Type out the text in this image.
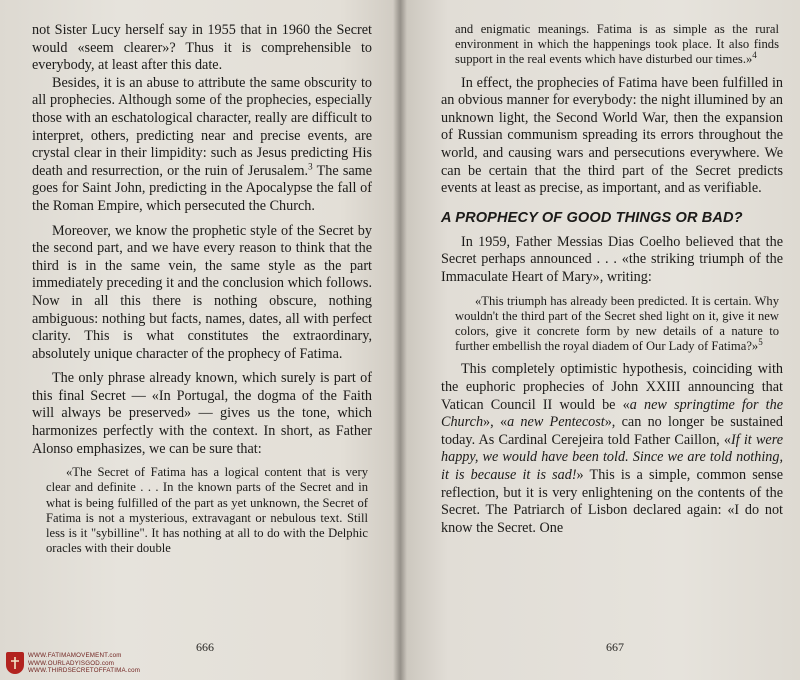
not Sister Lucy herself say in 1955 that in 1960 the Secret would «seem clearer»? Thus it is comprehensible to everybody, at least after this date.

Besides, it is an abuse to attribute the same obscurity to all prophecies. Although some of the prophecies, especially those with an eschatological character, really are difficult to interpret, others, predicting near and precise events, are crystal clear in their limpidity: such as Jesus predicting His death and resurrection, or the ruin of Jerusalem.$^3$ The same goes for Saint John, predicting in the Apocalypse the fall of the Roman Empire, which persecuted the Church.

Moreover, we know the prophetic style of the Secret by the second part, and we have every reason to think that the third is in the same vein, the same style as the part immediately preceding it and the conclusion which follows. Now in all this there is nothing obscure, nothing ambiguous: nothing but facts, names, dates, all with perfect clarity. This is what constitutes the extraordinary, absolutely unique character of the prophecy of Fatima.

The only phrase already known, which surely is part of this final Secret — «In Portugal, the dogma of the Faith will always be preserved» — gives us the tone, which harmonizes perfectly with the context. In short, as Father Alonso emphasizes, we can be sure that:

«The Secret of Fatima has a logical content that is very clear and definite . . . In the known parts of the Secret and in what is being fulfilled of the part as yet unknown, the Secret of Fatima is not a mysterious, extravagant or nebulous text. Still less is it "sybilline". It has nothing at all to do with the Delphic oracles with their double

666
WWW.FATIMAMOVEMENT.com
WWW.OURLADYISGOD.com
WWW.THIRDSECRETOFFATIMA.com

and enigmatic meanings. Fatima is as simple as the rural environment in which the happenings took place. It also finds support in the real events which have disturbed our times.»$^4$

In effect, the prophecies of Fatima have been fulfilled in an obvious manner for everybody: the night illumined by an unknown light, the Second World War, then the expansion of Russian communism spreading its errors throughout the world, and causing wars and persecutions everywhere. We can be certain that the third part of the Secret predicts events at least as precise, as important, and as verifiable.

A PROPHECY OF GOOD THINGS OR BAD?

In 1959, Father Messias Dias Coelho believed that the Secret perhaps announced . . . «the striking triumph of the Immaculate Heart of Mary», writing:

«This triumph has already been predicted. It is certain. Why wouldn't the third part of the Secret shed light on it, give it new colors, give it concrete form by new details of a nature to further embellish the royal diadem of Our Lady of Fatima?»$^5$

This completely optimistic hypothesis, coinciding with the euphoric prophecies of John XXIII announcing that Vatican Council II would be «a new springtime for the Church», «a new Pentecost», can no longer be sustained today. As Cardinal Cerejeira told Father Caillon, «If it were happy, we would have been told. Since we are told nothing, it is because it is sad!» This is a simple, common sense reflection, but it is very enlightening on the contents of the Secret. The Patriarch of Lisbon declared again: «I do not know the Secret. One

667
